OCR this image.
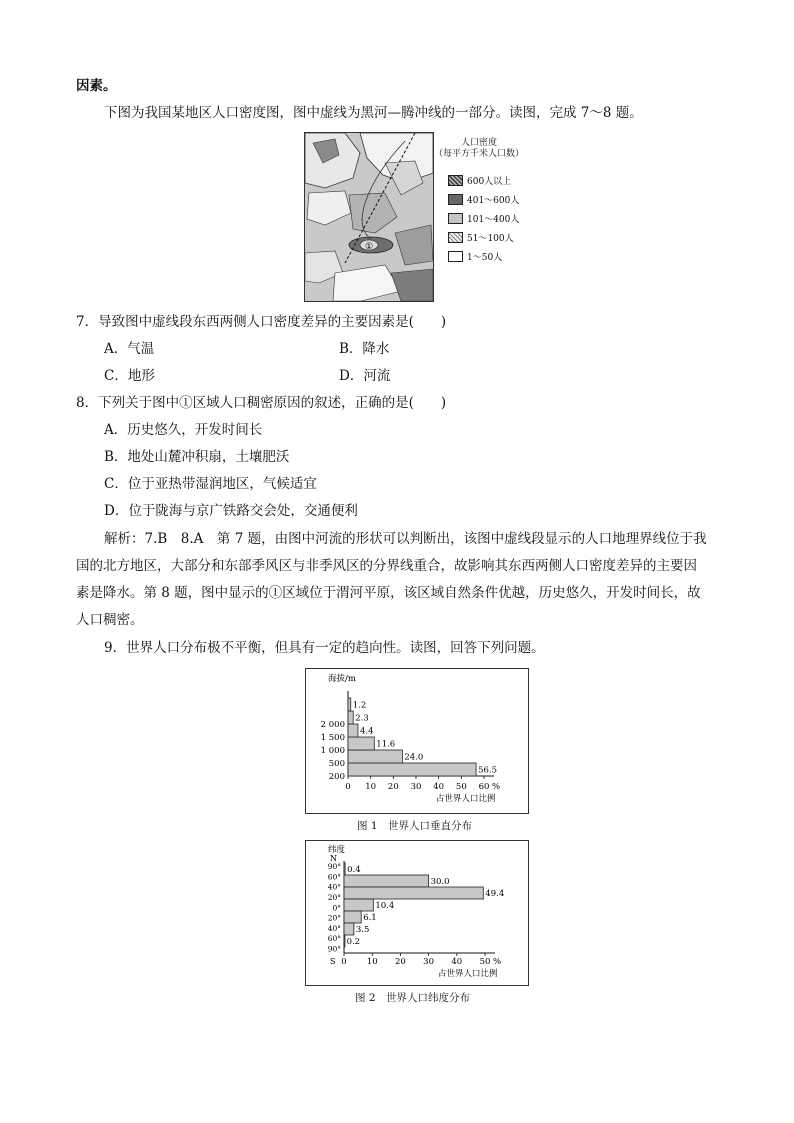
因素。
下图为我国某地区人口密度图，图中虚线为黑河—腾冲线的一部分。读图，完成 7～8 题。
①
人口密度
（每平方千米人口数）
600人以上
401～600人
101～400人
51～100人
1～50人
7．导致图中虚线段东西两侧人口密度差异的主要因素是(　　)
A．气温	B．降水
C．地形	D．河流
8．下列关于图中①区域人口稠密原因的叙述，正确的是(　　)
A．历史悠久，开发时间长
B．地处山麓冲积扇，土壤肥沃
C．位于亚热带湿润地区，气候适宜
D．位于陇海与京广铁路交会处，交通便利
解析：7.B　8.A　第 7 题，由图中河流的形状可以判断出，该图中虚线段显示的人口地理界线位于我
国的北方地区，大部分和东部季风区与非季风区的分界线重合，故影响其东西两侧人口密度差异的主要因
素是降水。第 8 题，图中显示的①区域位于渭河平原，该区域自然条件优越，历史悠久，开发时间长，故
人口稠密。
9．世界人口分布极不平衡，但具有一定的趋向性。读图，回答下列问题。
海拔/m
56.5
200
24.0
500
11.6
1 000
4.4
1 500
2.3
2 000
1.2
0 10 20 30 40 50 60 %
占世界人口比例
图 1　世界人口垂直分布
纬度
N
90°
60°
40°
20°
0°
20°
40°
60°
90°
0.4
30.0
49.4
10.4
6.1
3.5
0.2
S 0 10 20 30 40 50 %
占世界人口比例
图 2　世界人口纬度分布
